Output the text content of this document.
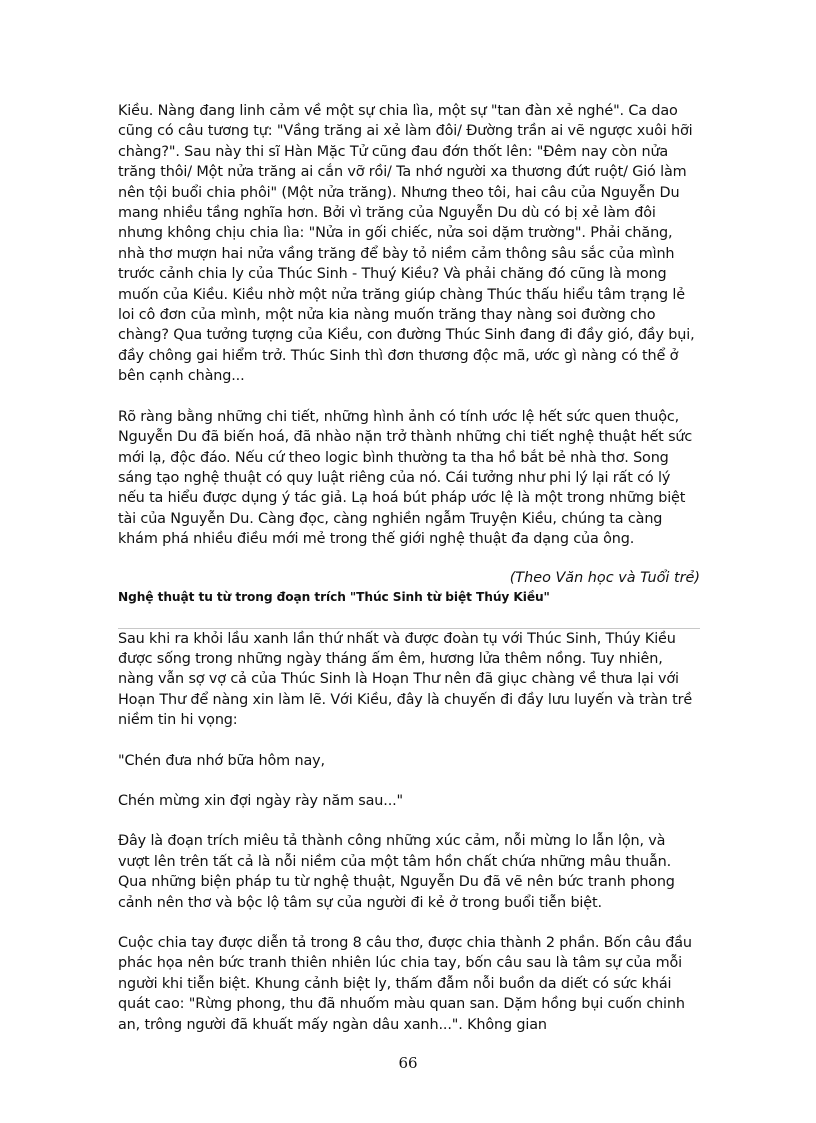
Kiều. Nàng đang linh cảm về một sự chia lìa, một sự "tan đàn xẻ nghé". Ca dao cũng có câu tương tự: "Vầng trăng ai xẻ làm đôi/ Đường trần ai vẽ ngược xuôi hỡi chàng?". Sau này thi sĩ Hàn Mặc Tử cũng đau đớn thốt lên: "Đêm nay còn nửa trăng thôi/ Một nửa trăng ai cắn vỡ rồi/ Ta nhớ người xa thương đứt ruột/ Gió làm nên tội buổi chia phôi" (Một nửa trăng). Nhưng theo tôi, hai câu của Nguyễn Du mang nhiều tầng nghĩa hơn. Bởi vì trăng của Nguyễn Du dù có bị xẻ làm đôi nhưng không chịu chia lìa: "Nửa in gối chiếc, nửa soi dặm trường". Phải chăng, nhà thơ mượn hai nửa vầng trăng để bày tỏ niềm cảm thông sâu sắc của mình trước cảnh chia ly của Thúc Sinh - Thuý Kiều? Và phải chăng đó cũng là mong muốn của Kiều. Kiều nhờ một nửa trăng giúp chàng Thúc thấu hiểu tâm trạng lẻ loi cô đơn của mình, một nửa kia nàng muốn trăng thay nàng soi đường cho chàng? Qua tưởng tượng của Kiều, con đường Thúc Sinh đang đi đầy gió, đầy bụi, đầy chông gai hiểm trở. Thúc Sinh thì đơn thương độc mã, ước gì nàng có thể ở bên cạnh chàng...

Rõ ràng bằng những chi tiết, những hình ảnh có tính ước lệ hết sức quen thuộc, Nguyễn Du đã biến hoá, đã nhào nặn trở thành những chi tiết nghệ thuật hết sức mới lạ, độc đáo. Nếu cứ theo logic bình thường ta tha hồ bắt bẻ nhà thơ. Song sáng tạo nghệ thuật có quy luật riêng của nó. Cái tưởng như phi lý lại rất có lý nếu ta hiểu được dụng ý tác giả. Lạ hoá bút pháp ước lệ là một trong những biệt tài của Nguyễn Du. Càng đọc, càng nghiền ngẫm Truyện Kiều, chúng ta càng khám phá nhiều điều mới mẻ trong thế giới nghệ thuật đa dạng của ông.

(Theo Văn học và Tuổi trẻ)

Nghệ thuật tu từ trong đoạn trích "Thúc Sinh từ biệt Thúy Kiều"

Sau khi ra khỏi lầu xanh lần thứ nhất và được đoàn tụ với Thúc Sinh, Thúy Kiều được sống trong những ngày tháng ấm êm, hương lửa thêm nồng. Tuy nhiên, nàng vẫn sợ vợ cả của Thúc Sinh là Hoạn Thư nên đã giục chàng về thưa lại với Hoạn Thư để nàng xin làm lẽ. Với Kiều, đây là chuyến đi đầy lưu luyến và tràn trề niềm tin hi vọng:

"Chén đưa nhớ bữa hôm nay,

Chén mừng xin đợi ngày rày năm sau..."

Đây là đoạn trích miêu tả thành công những xúc cảm, nỗi mừng lo lẫn lộn, và vượt lên trên tất cả là nỗi niềm của một tâm hồn chất chứa những mâu thuẫn. Qua những biện pháp tu từ nghệ thuật, Nguyễn Du đã vẽ nên bức tranh phong cảnh nên thơ và bộc lộ tâm sự của người đi kẻ ở trong buổi tiễn biệt.

Cuộc chia tay được diễn tả trong 8 câu thơ, được chia thành 2 phần. Bốn câu đầu phác họa nên bức tranh thiên nhiên lúc chia tay, bốn câu sau là tâm sự của mỗi người khi tiễn biệt. Khung cảnh biệt ly, thấm đẫm nỗi buồn da diết có sức khái quát cao: "Rừng phong, thu đã nhuốm màu quan san. Dặm hồng bụi cuốn chinh an, trông người đã khuất mấy ngàn dâu xanh...". Không gian

66
